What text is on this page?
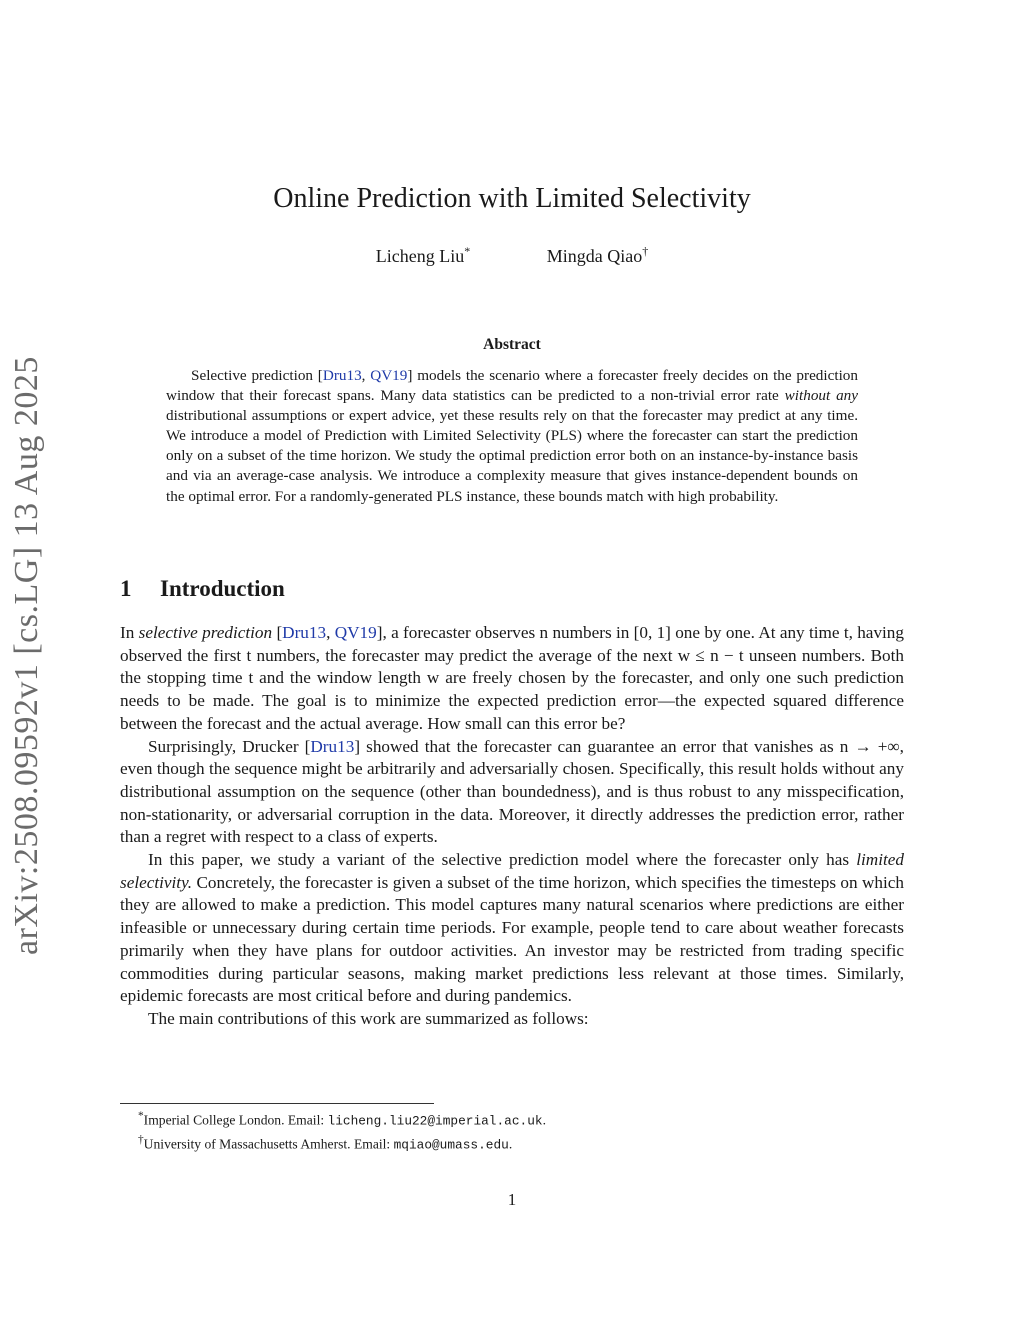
arXiv:2508.09592v1 [cs.LG] 13 Aug 2025
Online Prediction with Limited Selectivity
Licheng Liu*	Mingda Qiao†
Abstract
Selective prediction [Dru13, QV19] models the scenario where a forecaster freely decides on the prediction window that their forecast spans. Many data statistics can be predicted to a non-trivial error rate without any distributional assumptions or expert advice, yet these results rely on that the forecaster may predict at any time. We introduce a model of Prediction with Limited Selectivity (PLS) where the forecaster can start the prediction only on a subset of the time horizon. We study the optimal prediction error both on an instance-by-instance basis and via an average-case analysis. We introduce a complexity measure that gives instance-dependent bounds on the optimal error. For a randomly-generated PLS instance, these bounds match with high probability.
1 Introduction

In selective prediction [Dru13, QV19], a forecaster observes n numbers in [0, 1] one by one. At any time t, having observed the first t numbers, the forecaster may predict the average of the next w ≤ n − t unseen numbers. Both the stopping time t and the window length w are freely chosen by the forecaster, and only one such prediction needs to be made. The goal is to minimize the expected prediction error—the expected squared difference between the forecast and the actual average. How small can this error be?

Surprisingly, Drucker [Dru13] showed that the forecaster can guarantee an error that vanishes as n → +∞, even though the sequence might be arbitrarily and adversarially chosen. Specifically, this result holds without any distributional assumption on the sequence (other than boundedness), and is thus robust to any misspecification, non-stationarity, or adversarial corruption in the data. Moreover, it directly addresses the prediction error, rather than a regret with respect to a class of experts.

In this paper, we study a variant of the selective prediction model where the forecaster only has limited selectivity. Concretely, the forecaster is given a subset of the time horizon, which specifies the timesteps on which they are allowed to make a prediction. This model captures many natural scenarios where predictions are either infeasible or unnecessary during certain time periods. For example, people tend to care about weather forecasts primarily when they have plans for outdoor activities. An investor may be restricted from trading specific commodities during particular seasons, making market predictions less relevant at those times. Similarly, epidemic forecasts are most critical before and during pandemics.

The main contributions of this work are summarized as follows:

*Imperial College London. Email: licheng.liu22@imperial.ac.uk.
†University of Massachusetts Amherst. Email: mqiao@umass.edu.
1
